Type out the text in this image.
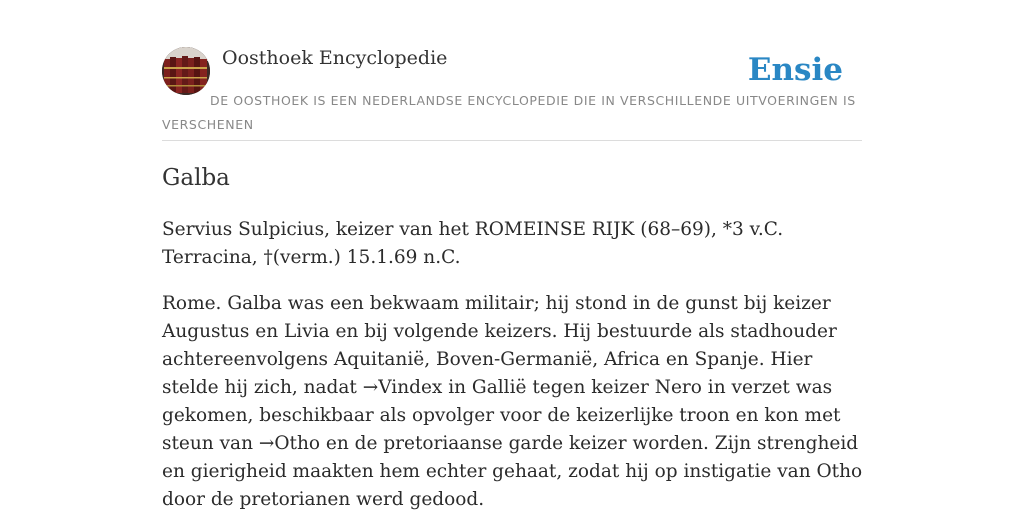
Oosthoek Encyclopedie	Ensie
DE OOSTHOEK IS EEN NEDERLANDSE ENCYCLOPEDIE DIE IN VERSCHILLENDE UITVOERINGEN IS VERSCHENEN
Galba

Servius Sulpicius, keizer van het ROMEINSE RIJK (68–69), *3 v.C. Terracina, †(verm.) 15.1.69 n.C.

Rome. Galba was een bekwaam militair; hij stond in de gunst bij keizer Augustus en Livia en bij volgende keizers. Hij bestuurde als stadhouder achtereenvolgens Aquitanië, Boven-Germanië, Africa en Spanje. Hier stelde hij zich, nadat →Vindex in Gallië tegen keizer Nero in verzet was gekomen, beschikbaar als opvolger voor de keizerlijke troon en kon met steun van →Otho en de pretoriaanse garde keizer worden. Zijn strengheid en gierigheid maakten hem echter gehaat, zodat hij op instigatie van Otho door de pretorianen werd gedood.
